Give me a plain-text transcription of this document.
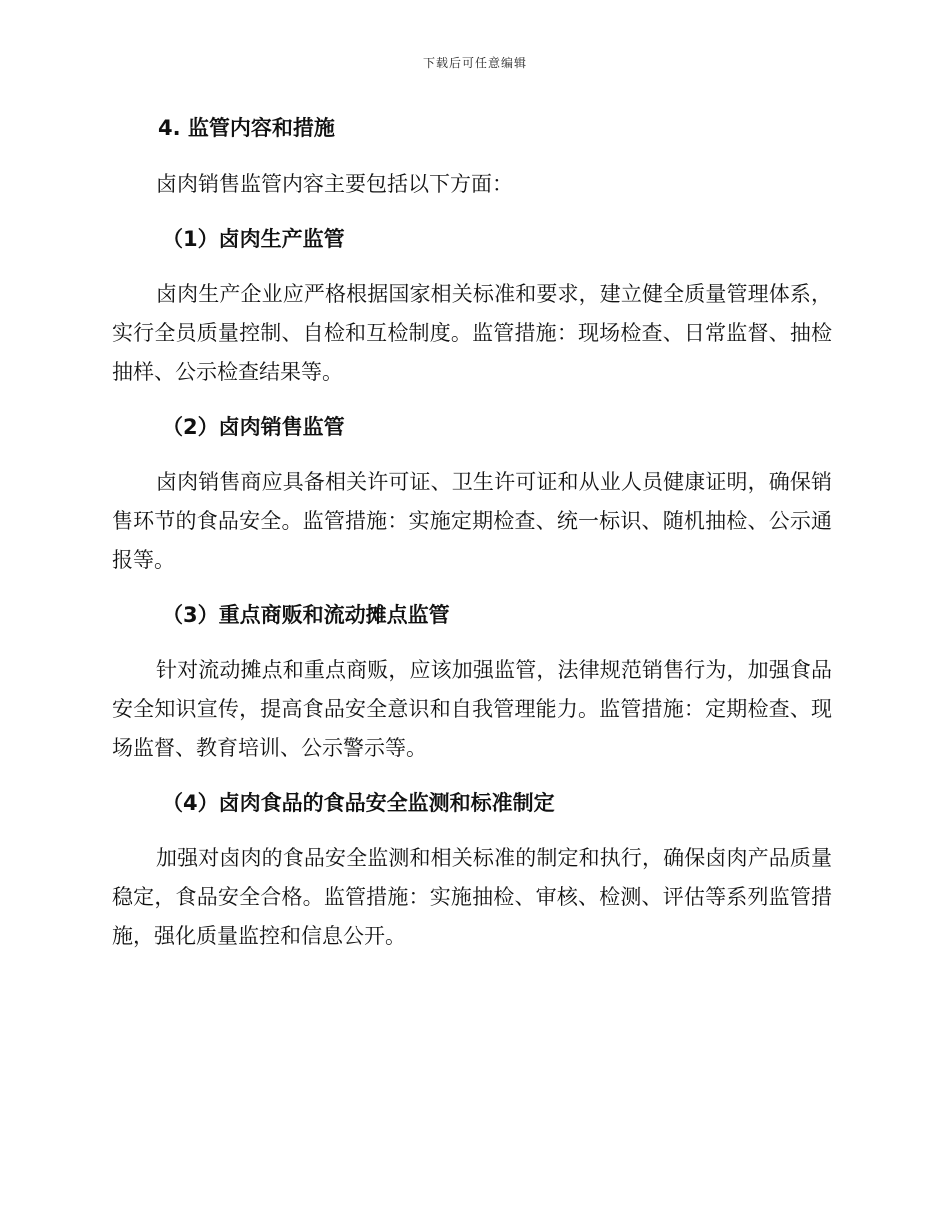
下载后可任意编辑
4. 监管内容和措施

卤肉销售监管内容主要包括以下方面：

（1）卤肉生产监管

卤肉生产企业应严格根据国家相关标准和要求，建立健全质量管理体系，实行全员质量控制、自检和互检制度。监管措施：现场检查、日常监督、抽检抽样、公示检查结果等。

（2）卤肉销售监管

卤肉销售商应具备相关许可证、卫生许可证和从业人员健康证明，确保销售环节的食品安全。监管措施：实施定期检查、统一标识、随机抽检、公示通报等。

（3）重点商贩和流动摊点监管

针对流动摊点和重点商贩，应该加强监管，法律规范销售行为，加强食品安全知识宣传，提高食品安全意识和自我管理能力。监管措施：定期检查、现场监督、教育培训、公示警示等。

（4）卤肉食品的食品安全监测和标准制定

加强对卤肉的食品安全监测和相关标准的制定和执行，确保卤肉产品质量稳定，食品安全合格。监管措施：实施抽检、审核、检测、评估等系列监管措施，强化质量监控和信息公开。
